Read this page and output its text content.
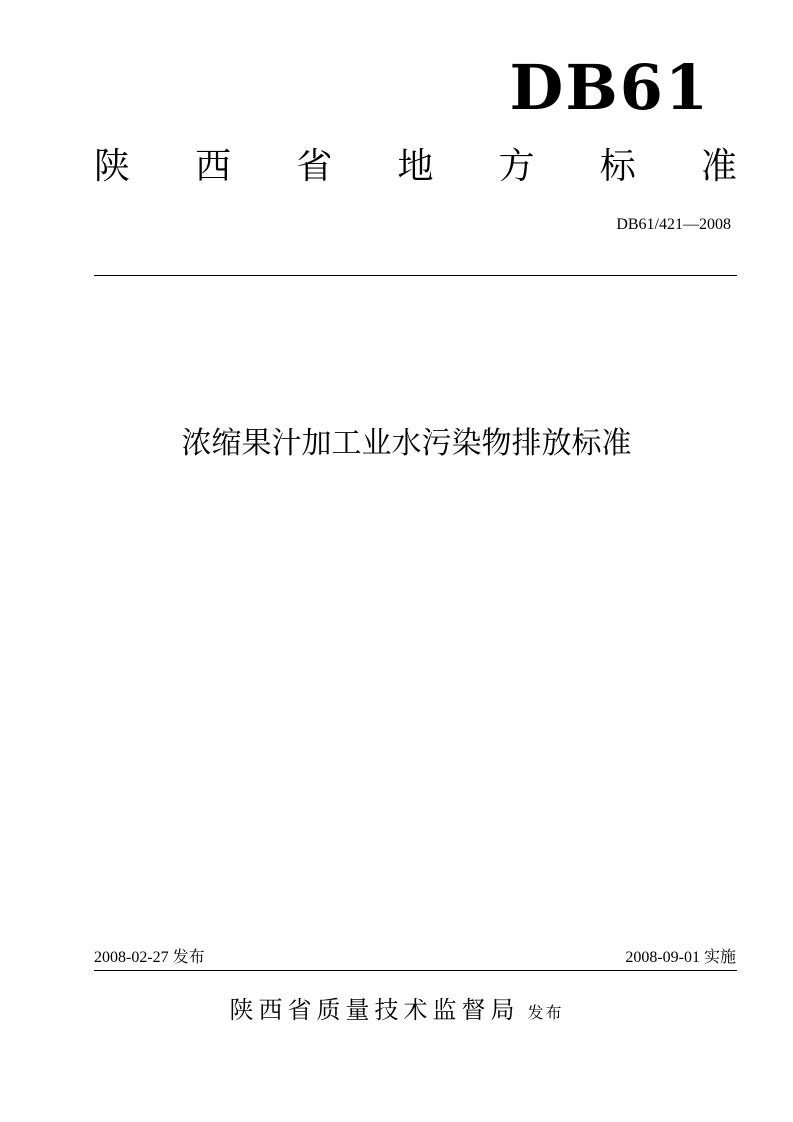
DB61
陕 西 省 地 方 标 准
DB61/421—2008
浓缩果汁加工业水污染物排放标准
2008-02-27 发布	2008-09-01 实施
陕西省质量技术监督局 发布
